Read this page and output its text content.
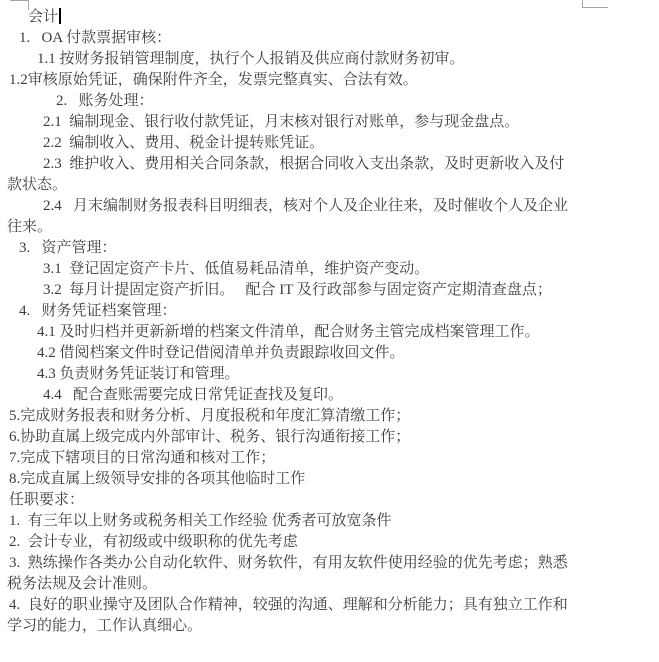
会计
1.   OA 付款票据审核：
1.1 按财务报销管理制度，执行个人报销及供应商付款财务初审。
1.2审核原始凭证，确保附件齐全，发票完整真实、合法有效。
2.   账务处理：
2.1  编制现金、银行收付款凭证，月末核对银行对账单，参与现金盘点。
2.2  编制收入、费用、税金计提转账凭证。
2.3  维护收入、费用相关合同条款，根据合同收入支出条款，及时更新收入及付
款状态。
2.4   月末编制财务报表科目明细表，核对个人及企业往来，及时催收个人及企业
往来。
3.   资产管理：
3.1  登记固定资产卡片、低值易耗品清单，维护资产变动。
3.2  每月计提固定资产折旧。   配合 IT 及行政部参与固定资产定期清查盘点；
4.   财务凭证档案管理：
4.1 及时归档并更新新增的档案文件清单，配合财务主管完成档案管理工作。
4.2 借阅档案文件时登记借阅清单并负责跟踪收回文件。
4.3 负责财务凭证装订和管理。
4.4   配合查账需要完成日常凭证查找及复印。
5.完成财务报表和财务分析、月度报税和年度汇算清缴工作；
6.协助直属上级完成内外部审计、税务、银行沟通衔接工作；
7.完成下辖项目的日常沟通和核对工作；
8.完成直属上级领导安排的各项其他临时工作
任职要求：
1.  有三年以上财务或税务相关工作经验 优秀者可放宽条件
2.  会计专业，有初级或中级职称的优先考虑
3.  熟练操作各类办公自动化软件、财务软件，有用友软件使用经验的优先考虑；熟悉
税务法规及会计准则。
4.  良好的职业操守及团队合作精神，较强的沟通、理解和分析能力；具有独立工作和
学习的能力，工作认真细心。
